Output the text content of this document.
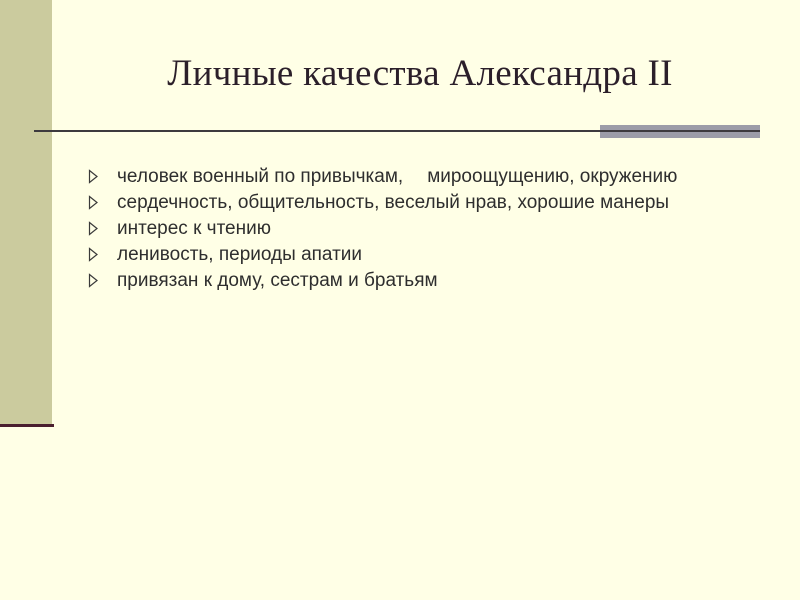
Личные качества Александра II
человек военный по привычкам, мироощущению, окружению
сердечность, общительность, веселый нрав, хорошие манеры
интерес к чтению
ленивость, периоды апатии
привязан к дому, сестрам и братьям
